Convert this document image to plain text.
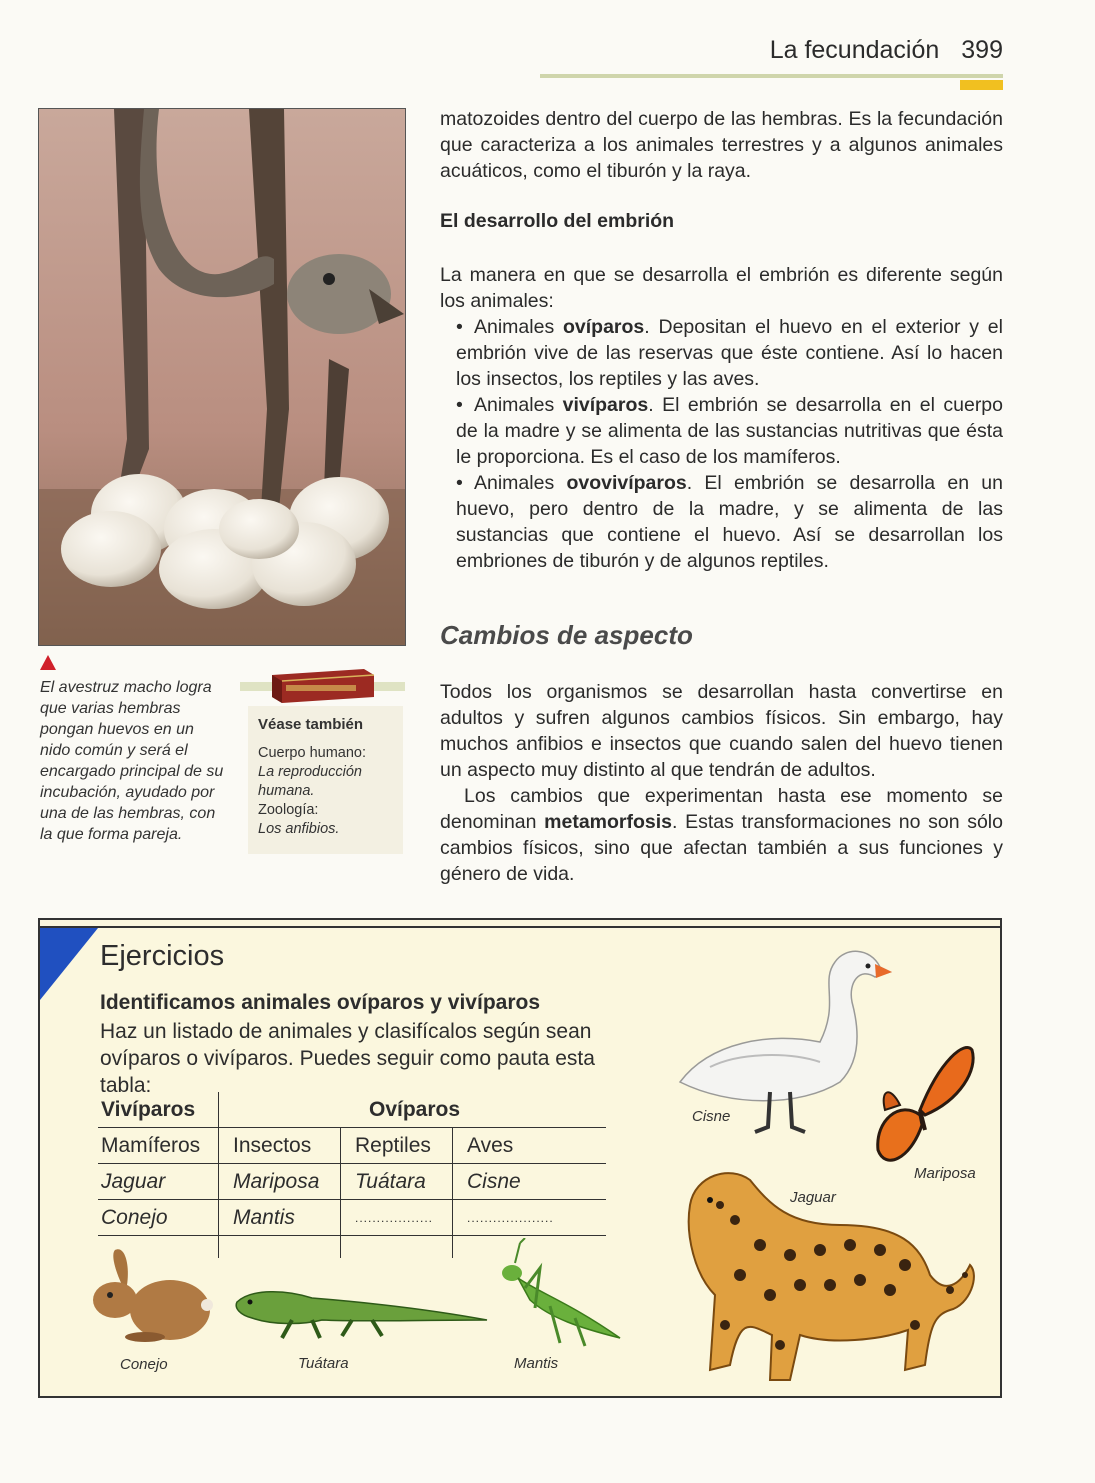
La fecundación 399
El avestruz macho logra que varias hembras pongan huevos en un nido común y será el encargado principal de su incubación, ayudado por una de las hembras, con la que forma pareja.
Véase también
Cuerpo humano:
La reproducción humana.
Zoología:
Los anfibios.
matozoides dentro del cuerpo de las hembras. Es la fecundación que caracteriza a los animales terrestres y a algunos animales acuáticos, como el tiburón y la raya.
El desarrollo del embrión
La manera en que se desarrolla el embrión es diferente según los animales:
• Animales ovíparos. Depositan el huevo en el exterior y el embrión vive de las reservas que éste contiene. Así lo hacen los insectos, los reptiles y las aves.
• Animales vivíparos. El embrión se desarrolla en el cuerpo de la madre y se alimenta de las sustancias nutritivas que ésta le proporciona. Es el caso de los mamíferos.
• Animales ovovivíparos. El embrión se desarrolla en un huevo, pero dentro de la madre, y se alimenta de las sustancias que contiene el huevo. Así se desarrollan los embriones de tiburón y de algunos reptiles.
Cambios de aspecto
Todos los organismos se desarrollan hasta convertirse en adultos y sufren algunos cambios físicos. Sin embargo, hay muchos anfibios e insectos que cuando salen del huevo tienen un aspecto muy distinto al que tendrán de adultos.
Los cambios que experimentan hasta ese momento se denominan metamorfosis. Estas transformaciones no son sólo cambios físicos, sino que afectan también a sus funciones y género de vida.
Ejercicios
Identificamos animales ovíparos y vivíparos
Haz un listado de animales y clasifícalos según sean ovíparos o vivíparos. Puedes seguir como pauta esta tabla:
Vivíparos	Ovíparos		
Mamíferos	Insectos	Reptiles	Aves
Jaguar	Mariposa	Tuátara	Cisne
Conejo	Mantis	..................	....................

Cisne
Mariposa
Jaguar
Conejo	Tuátara	Mantis
